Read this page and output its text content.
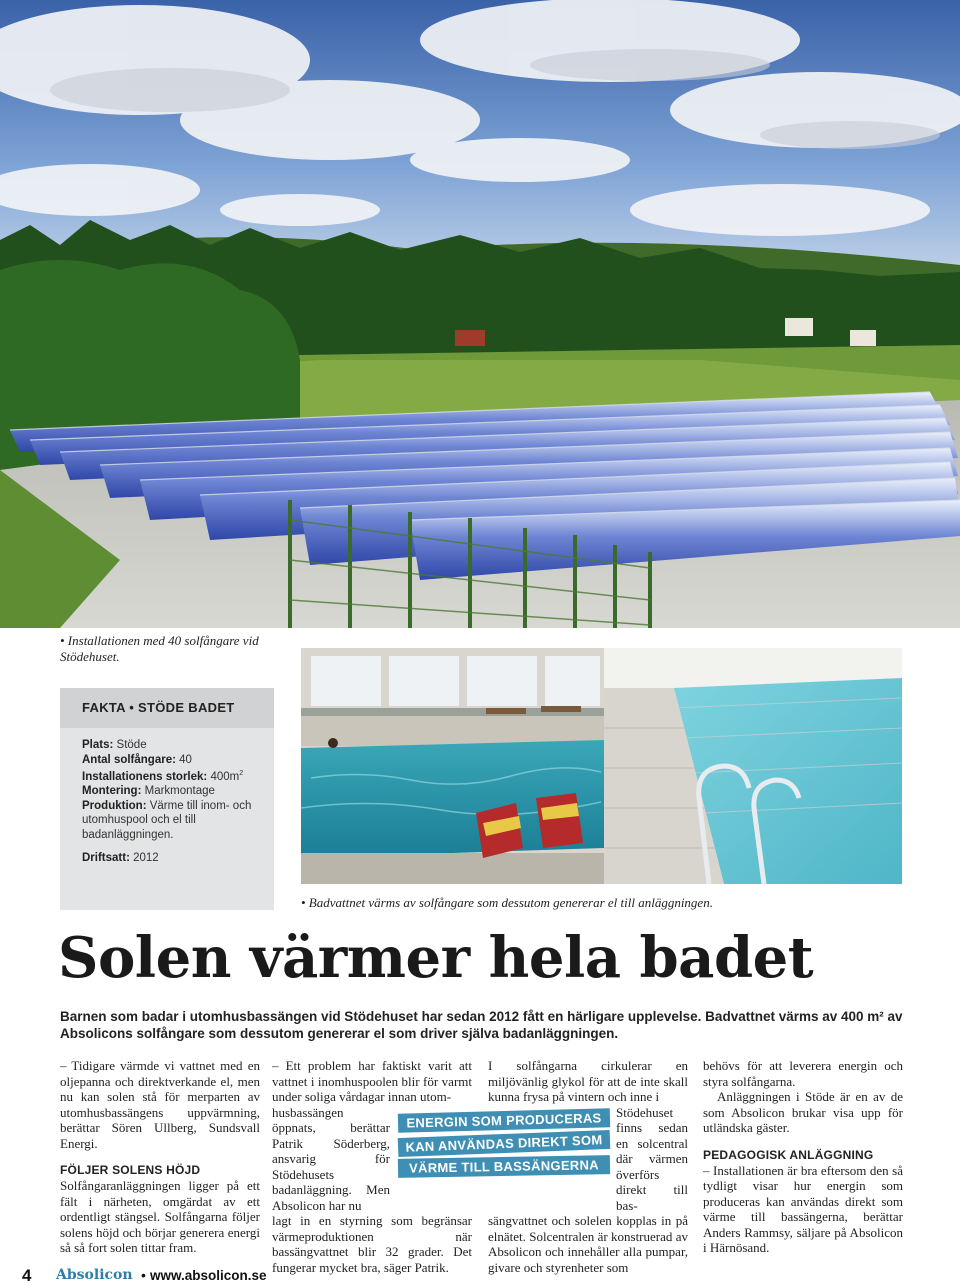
• Installationen med 40 solfångare vid Stödehuset.
FAKTA • STÖDE BADET

Plats: Stöde

Antal solfångare: 40

Installationens storlek: $400m^2$

Montering: Markmontage

Produktion: Värme till inom- och utomhuspool och el till badanläggningen.

Driftsatt: 2012

• Badvattnet värms av solfångare som dessutom genererar el till anläggningen.
Solen värmer hela badet

Barnen som badar i utomhusbassängen vid Stödehuset har sedan 2012 fått en härligare upplevelse. Badvattnet värms av 400 m² av Absolicons solfångare som dessutom genererar el som driver själva badanläggningen.

– Tidigare värmde vi vattnet med en oljepanna och direktverkande el, men nu kan solen stå för merparten av utomhusbassängens uppvärmning, berättar Sören Ullberg, Sundsvall Energi.

FÖLJER SOLENS HÖJD

Solfångaranläggningen ligger på ett fält i närheten, omgärdat av ett ordentligt stängsel. Solfångarna följer solens höjd och börjar generera energi så så fort solen tittar fram.

– Ett problem har faktiskt varit att vattnet i inomhuspoolen blir för varmt under soliga vårdagar innan utom-

husbassängen öppnats, berättar Patrik Söderberg, ansvarig för Stödehusets badanläggning. Men Absolicon har nu

lagt in en styrning som begränsar värmeproduktionen när bassängvattnet blir 32 grader. Det fungerar mycket bra, säger Patrik.

I solfångarna cirkulerar en miljövänlig glykol för att de inte skall kunna frysa på vintern och inne i

Stödehuset finns sedan en solcentral där värmen överförs direkt till bas-

sängvattnet och solelen kopplas in på elnätet. Solcentralen är konstruerad av Absolicon och innehåller alla pumpar, givare och styrenheter som

behövs för att leverera energin och styra solfångarna.

Anläggningen i Stöde är en av de som Absolicon brukar visa upp för utländska gäster.

PEDAGOGISK ANLÄGGNING

– Installationen är bra eftersom den så tydligt visar hur energin som produceras kan användas direkt som värme till bassängerna, berättar Anders Rammsy, säljare på Absolicon i Härnösand.

ENERGIN SOM PRODUCERAS
KAN ANVÄNDAS DIREKT SOM
VÄRME TILL BASSÄNGERNA
4 Absolicon • www.absolicon.se
